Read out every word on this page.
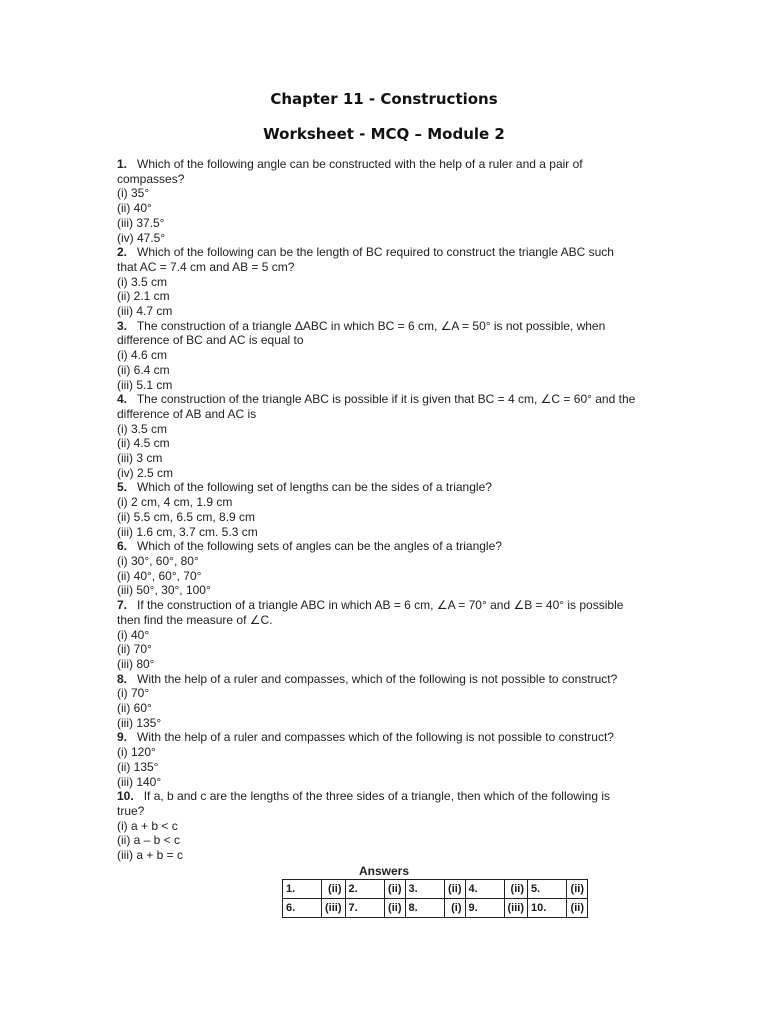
Chapter 11 - Constructions
Worksheet - MCQ – Module 2
1. Which of the following angle can be constructed with the help of a ruler and a pair of compasses?
(i) 35°
(ii) 40°
(iii) 37.5°
(iv) 47.5°
2. Which of the following can be the length of BC required to construct the triangle ABC such that AC = 7.4 cm and AB = 5 cm?
(i) 3.5 cm
(ii) 2.1 cm
(iii) 4.7 cm
3. The construction of a triangle ΔABC in which BC = 6 cm, ∠A = 50° is not possible, when difference of BC and AC is equal to
(i) 4.6 cm
(ii) 6.4 cm
(iii) 5.1 cm
4. The construction of the triangle ABC is possible if it is given that BC = 4 cm, ∠C = 60° and the difference of AB and AC is
(i) 3.5 cm
(ii) 4.5 cm
(iii) 3 cm
(iv) 2.5 cm
5. Which of the following set of lengths can be the sides of a triangle?
(i) 2 cm, 4 cm, 1.9 cm
(ii) 5.5 cm, 6.5 cm, 8.9 cm
(iii) 1.6 cm, 3.7 cm. 5.3 cm
6. Which of the following sets of angles can be the angles of a triangle?
(i) 30°, 60°, 80°
(ii) 40°, 60°, 70°
(iii) 50°, 30°, 100°
7. If the construction of a triangle ABC in which AB = 6 cm, ∠A = 70° and ∠B = 40° is possible then find the measure of ∠C.
(i) 40°
(ii) 70°
(iii) 80°
8. With the help of a ruler and compasses, which of the following is not possible to construct?
(i) 70°
(ii) 60°
(iii) 135°
9. With the help of a ruler and compasses which of the following is not possible to construct?
(i) 120°
(ii) 135°
(iii) 140°
10. If a, b and c are the lengths of the three sides of a triangle, then which of the following is true?
(i) a + b < c
(ii) a – b < c
(iii) a + b = c
Answers
1.	(ii)	2.	(ii)	3.	(ii)	4.	(ii)	5.	(ii)
6.	(iii)	7.	(ii)	8.	(i)	9.	(iii)	10.	(ii)
